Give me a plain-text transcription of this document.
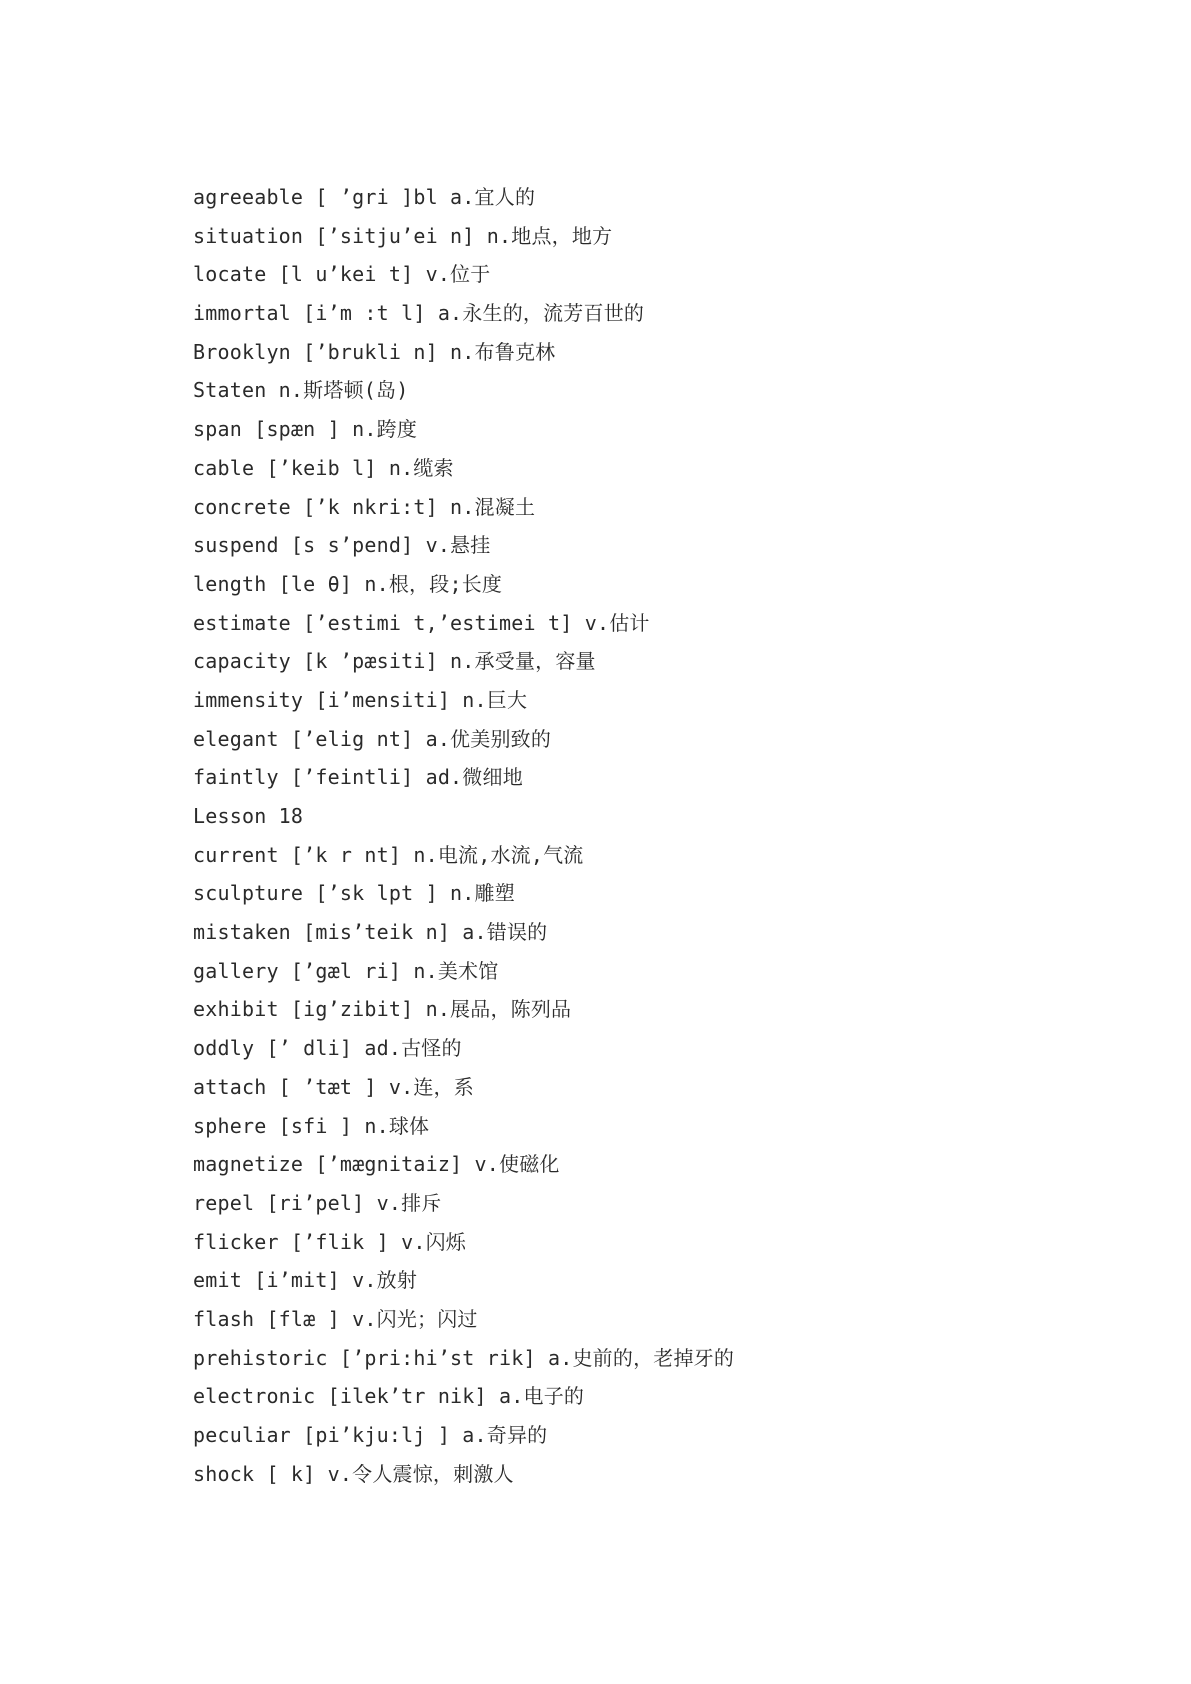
agreeable [ ’gri ]bl a.宜人的
situation [’sitju’ei n] n.地点，地方
locate [l u’kei t] v.位于
immortal [i’m :t l] a.永生的，流芳百世的
Brooklyn [’brukli n] n.布鲁克林
Staten n.斯塔顿(岛)
span [spæn ] n.跨度
cable [’keib l] n.缆索
concrete [’k nkri:t] n.混凝土
suspend [s s’pend] v.悬挂
length [le θ] n.根，段;长度
estimate [’estimi t,’estimei t] v.估计
capacity [k ’pæsiti] n.承受量，容量
immensity [i’mensiti] n.巨大
elegant [’elig nt] a.优美别致的
faintly [’feintli] ad.微细地
Lesson 18
current [’k r nt] n.电流,水流,气流
sculpture [’sk lpt ] n.雕塑
mistaken [mis’teik n] a.错误的
gallery [’gæl ri] n.美术馆
exhibit [ig’zibit] n.展品，陈列品
oddly [’ dli] ad.古怪的
attach [ ’tæt ] v.连，系
sphere [sfi ] n.球体
magnetize [’mægnitaiz] v.使磁化
repel [ri’pel] v.排斥
flicker [’flik ] v.闪烁
emit [i’mit] v.放射
flash [flæ ] v.闪光；闪过
prehistoric [’pri:hi’st rik] a.史前的，老掉牙的
electronic [ilek’tr nik] a.电子的
peculiar [pi’kju:lj ] a.奇异的
shock [ k] v.令人震惊，刺激人
